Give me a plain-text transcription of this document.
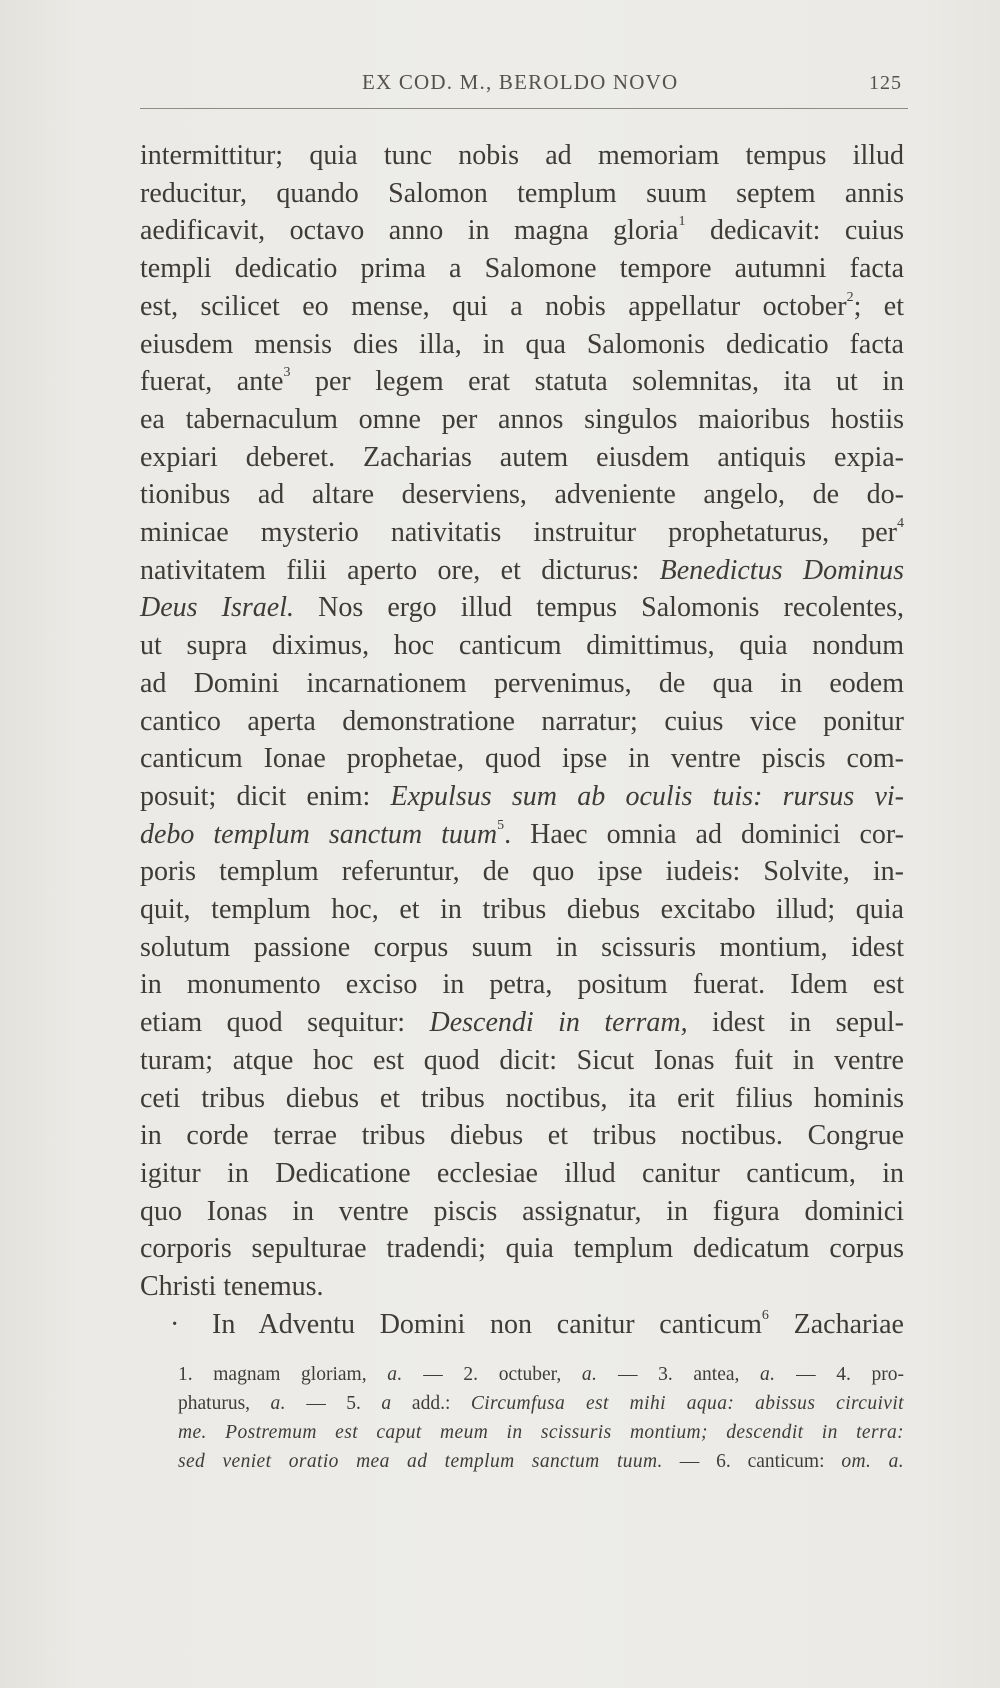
EX COD. M., BEROLDO NOVO	125
intermittitur; quia tunc nobis ad memoriam tempus illud
reducitur, quando Salomon templum suum septem annis
aedificavit, octavo anno in magna gloria$^1$ dedicavit: cuius
templi dedicatio prima a Salomone tempore autumni facta
est, scilicet eo mense, qui a nobis appellatur october$^2$; et
eiusdem mensis dies illa, in qua Salomonis dedicatio facta
fuerat, ante$^3$ per legem erat statuta solemnitas, ita ut in
ea tabernaculum omne per annos singulos maioribus hostiis
expiari deberet. Zacharias autem eiusdem antiquis expia-
tionibus ad altare deserviens, adveniente angelo, de do-
minicae mysterio nativitatis instruitur prophetaturus, per$^4$
nativitatem filii aperto ore, et dicturus: Benedictus Dominus
Deus Israel. Nos ergo illud tempus Salomonis recolentes,
ut supra diximus, hoc canticum dimittimus, quia nondum
ad Domini incarnationem pervenimus, de qua in eodem
cantico aperta demonstratione narratur; cuius vice ponitur
canticum Ionae prophetae, quod ipse in ventre piscis com-
posuit; dicit enim: Expulsus sum ab oculis tuis: rursus vi-
debo templum sanctum tuum$^5$. Haec omnia ad dominici cor-
poris templum referuntur, de quo ipse iudeis: Solvite, in-
quit, templum hoc, et in tribus diebus excitabo illud; quia
solutum passione corpus suum in scissuris montium, idest
in monumento exciso in petra, positum fuerat. Idem est
etiam quod sequitur: Descendi in terram, idest in sepul-
turam; atque hoc est quod dicit: Sicut Ionas fuit in ventre
ceti tribus diebus et tribus noctibus, ita erit filius hominis
in corde terrae tribus diebus et tribus noctibus. Congrue
igitur in Dedicatione ecclesiae illud canitur canticum, in
quo Ionas in ventre piscis assignatur, in figura dominici
corporis sepulturae tradendi; quia templum dedicatum corpus
Christi tenemus.
· In Adventu Domini non canitur canticum$^6$ Zachariae
1. magnam gloriam, a. — 2. octuber, a. — 3. antea, a. — 4. pro-
phaturus, a. — 5. a add.: Circumfusa est mihi aqua: abissus circuivit
me. Postremum est caput meum in scissuris montium; descendit in terra:
sed veniet oratio mea ad templum sanctum tuum. — 6. canticum: om. a.
